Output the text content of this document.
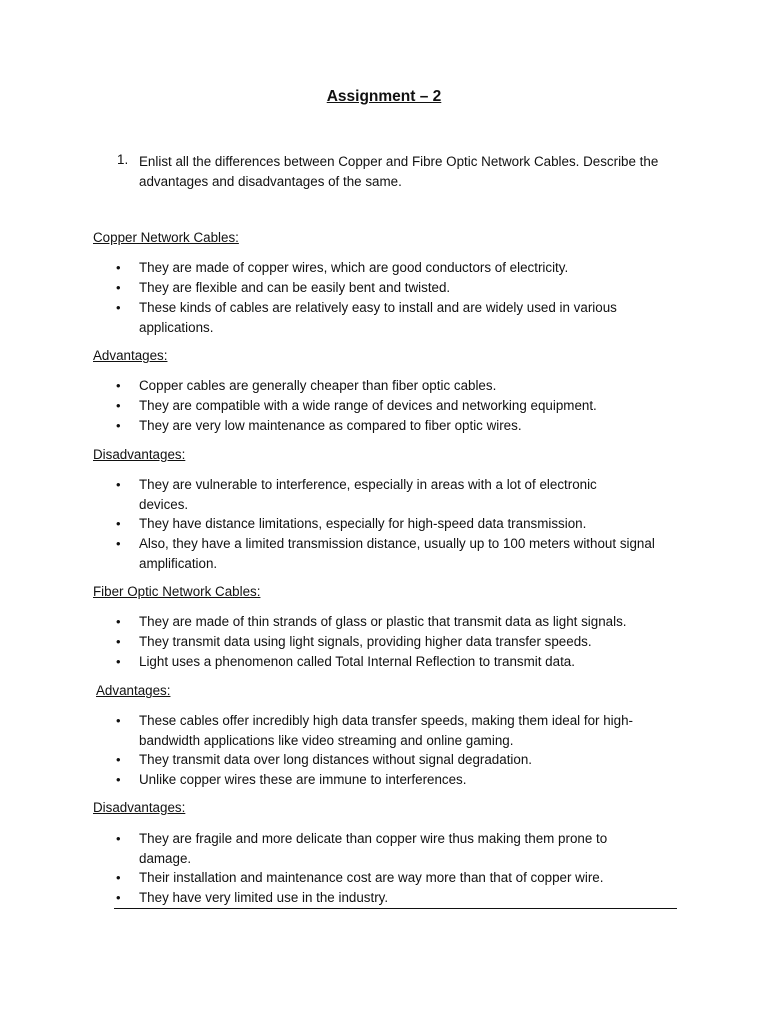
Assignment – 2
1. Enlist all the differences between Copper and Fibre Optic Network Cables. Describe the advantages and disadvantages of the same.
Copper Network Cables:
• They are made of copper wires, which are good conductors of electricity.
• They are flexible and can be easily bent and twisted.
• These kinds of cables are relatively easy to install and are widely used in various applications.
Advantages:
• Copper cables are generally cheaper than fiber optic cables.
• They are compatible with a wide range of devices and networking equipment.
• They are very low maintenance as compared to fiber optic wires.
Disadvantages:
• They are vulnerable to interference, especially in areas with a lot of electronic devices.
• They have distance limitations, especially for high-speed data transmission.
• Also, they have a limited transmission distance, usually up to 100 meters without signal amplification.
Fiber Optic Network Cables:
• They are made of thin strands of glass or plastic that transmit data as light signals.
• They transmit data using light signals, providing higher data transfer speeds.
• Light uses a phenomenon called Total Internal Reflection to transmit data.
Advantages:
• These cables offer incredibly high data transfer speeds, making them ideal for high-bandwidth applications like video streaming and online gaming.
• They transmit data over long distances without signal degradation.
• Unlike copper wires these are immune to interferences.
Disadvantages:
• They are fragile and more delicate than copper wire thus making them prone to damage.
• Their installation and maintenance cost are way more than that of copper wire.
• They have very limited use in the industry.
